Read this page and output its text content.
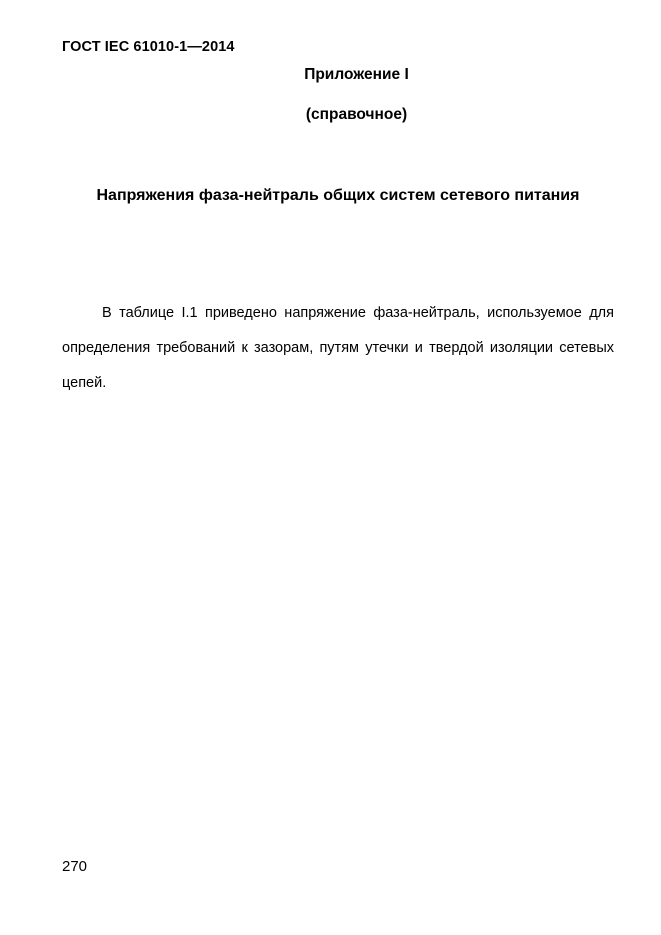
ГОСТ IEC 61010-1—2014
Приложение I
(справочное)
Напряжения фаза-нейтраль общих систем сетевого питания

В таблице I.1 приведено напряжение фаза-нейтраль, используемое для определения требований к зазорам, путям утечки и твердой изоляции сетевых цепей.

270
